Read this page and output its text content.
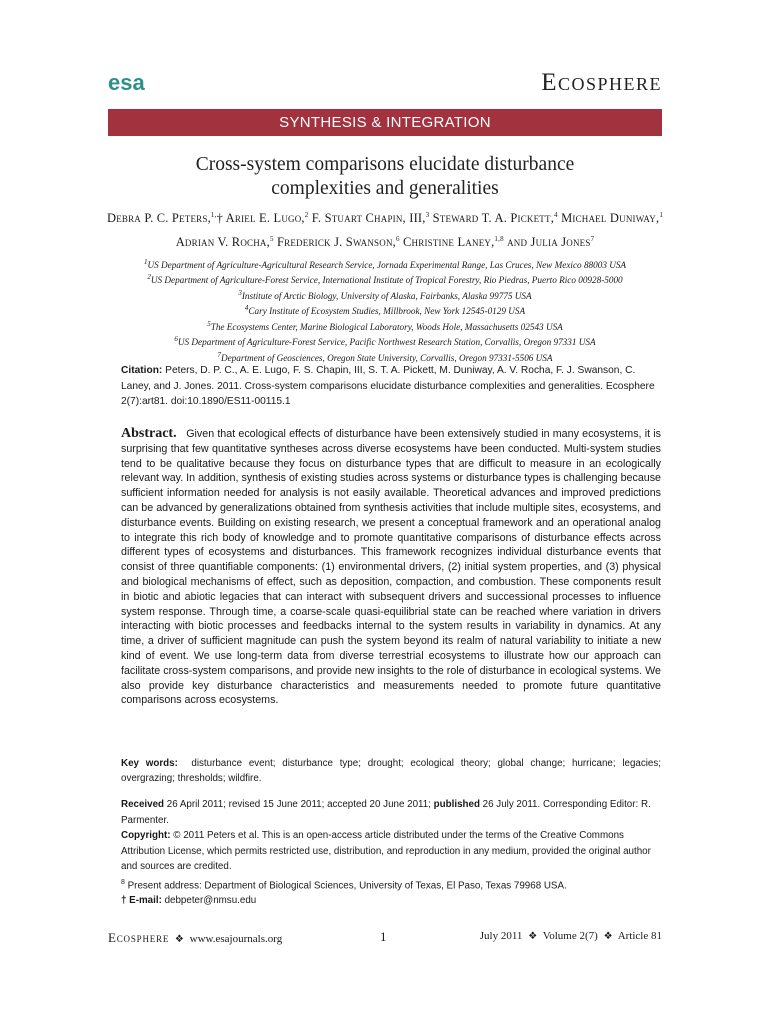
esa	Ecosphere
SYNTHESIS & INTEGRATION
Cross-system comparisons elucidate disturbance
complexities and generalities
Debra P. C. Peters,$^{1,}$† Ariel E. Lugo,$^2$ F. Stuart Chapin, III,$^3$ Steward T. A. Pickett,$^4$ Michael Duniway,$^1$
Adrian V. Rocha,$^5$ Frederick J. Swanson,$^6$ Christine Laney,$^{1,8}$ and Julia Jones$^7$
$^1$US Department of Agriculture-Agricultural Research Service, Jornada Experimental Range, Las Cruces, New Mexico 88003 USA
$^2$US Department of Agriculture-Forest Service, International Institute of Tropical Forestry, Rio Piedras, Puerto Rico 00928-5000
$^3$Institute of Arctic Biology, University of Alaska, Fairbanks, Alaska 99775 USA
$^4$Cary Institute of Ecosystem Studies, Millbrook, New York 12545-0129 USA
$^5$The Ecosystems Center, Marine Biological Laboratory, Woods Hole, Massachusetts 02543 USA
$^6$US Department of Agriculture-Forest Service, Pacific Northwest Research Station, Corvallis, Oregon 97331 USA
$^7$Department of Geosciences, Oregon State University, Corvallis, Oregon 97331-5506 USA
Citation: Peters, D. P. C., A. E. Lugo, F. S. Chapin, III, S. T. A. Pickett, M. Duniway, A. V. Rocha, F. J. Swanson, C. Laney, and J. Jones. 2011. Cross-system comparisons elucidate disturbance complexities and generalities. Ecosphere 2(7):art81. doi:10.1890/ES11-00115.1
Abstract. Given that ecological effects of disturbance have been extensively studied in many ecosystems, it is surprising that few quantitative syntheses across diverse ecosystems have been conducted. Multi-system studies tend to be qualitative because they focus on disturbance types that are difficult to measure in an ecologically relevant way. In addition, synthesis of existing studies across systems or disturbance types is challenging because sufficient information needed for analysis is not easily available. Theoretical advances and improved predictions can be advanced by generalizations obtained from synthesis activities that include multiple sites, ecosystems, and disturbance events. Building on existing research, we present a conceptual framework and an operational analog to integrate this rich body of knowledge and to promote quantitative comparisons of disturbance effects across different types of ecosystems and disturbances. This framework recognizes individual disturbance events that consist of three quantifiable components: (1) environmental drivers, (2) initial system properties, and (3) physical and biological mechanisms of effect, such as deposition, compaction, and combustion. These components result in biotic and abiotic legacies that can interact with subsequent drivers and successional processes to influence system response. Through time, a coarse-scale quasi-equilibrial state can be reached where variation in drivers interacting with biotic processes and feedbacks internal to the system results in variability in dynamics. At any time, a driver of sufficient magnitude can push the system beyond its realm of natural variability to initiate a new kind of event. We use long-term data from diverse terrestrial ecosystems to illustrate how our approach can facilitate cross-system comparisons, and provide new insights to the role of disturbance in ecological systems. We also provide key disturbance characteristics and measurements needed to promote future quantitative comparisons across ecosystems.
Key words: disturbance event; disturbance type; drought; ecological theory; global change; hurricane; legacies; overgrazing; thresholds; wildfire.

Received 26 April 2011; revised 15 June 2011; accepted 20 June 2011; published 26 July 2011. Corresponding Editor: R. Parmenter.

Copyright: © 2011 Peters et al. This is an open-access article distributed under the terms of the Creative Commons Attribution License, which permits restricted use, distribution, and reproduction in any medium, provided the original author and sources are credited.

$^8$ Present address: Department of Biological Sciences, University of Texas, El Paso, Texas 79968 USA.

† E-mail: debpeter@nmsu.edu

Ecosphere ❖ www.esajournals.org	1	July 2011 ❖ Volume 2(7) ❖ Article 81
